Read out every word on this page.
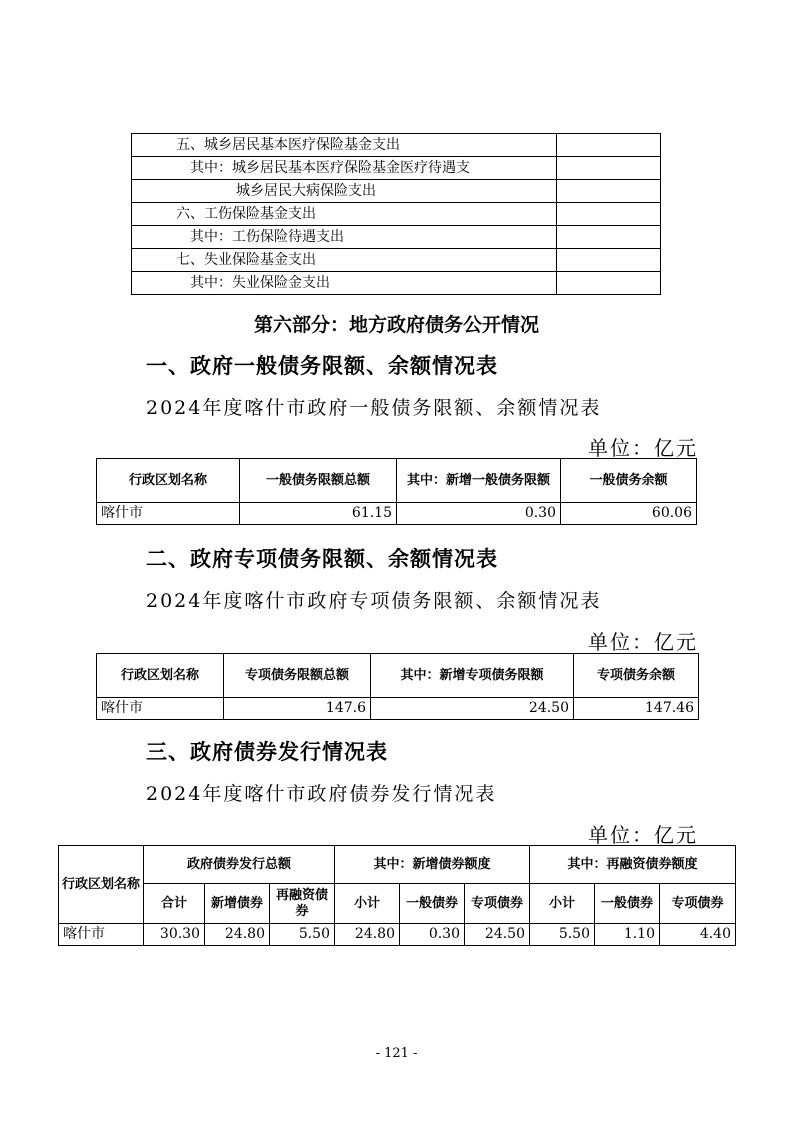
五、城乡居民基本医疗保险基金支出	
其中：城乡居民基本医疗保险基金医疗待遇支	
城乡居民大病保险支出	
六、工伤保险基金支出	
其中：工伤保险待遇支出	
七、失业保险基金支出	
其中：失业保险金支出	
第六部分：地方政府债务公开情况
一、政府一般债务限额、余额情况表
2024年度喀什市政府一般债务限额、余额情况表
单位：亿元
行政区划名称	一般债务限额总额	其中：新增一般债务限额	一般债务余额
喀什市	61.15	0.30	60.06
二、政府专项债务限额、余额情况表
2024年度喀什市政府专项债务限额、余额情况表
单位：亿元
行政区划名称	专项债务限额总额	其中：新增专项债务限额	专项债务余额
喀什市	147.6	24.50	147.46
三、政府债券发行情况表
2024年度喀什市政府债券发行情况表
单位：亿元
行政区划名称	政府债券发行总额			其中：新增债券额度			其中：再融资债券额度		
	合计	新增债券	再融资债券	小计	一般债券	专项债券	小计	一般债券	专项债券
喀什市	30.30	24.80	5.50	24.80	0.30	24.50	5.50	1.10	4.40
- 121 -
